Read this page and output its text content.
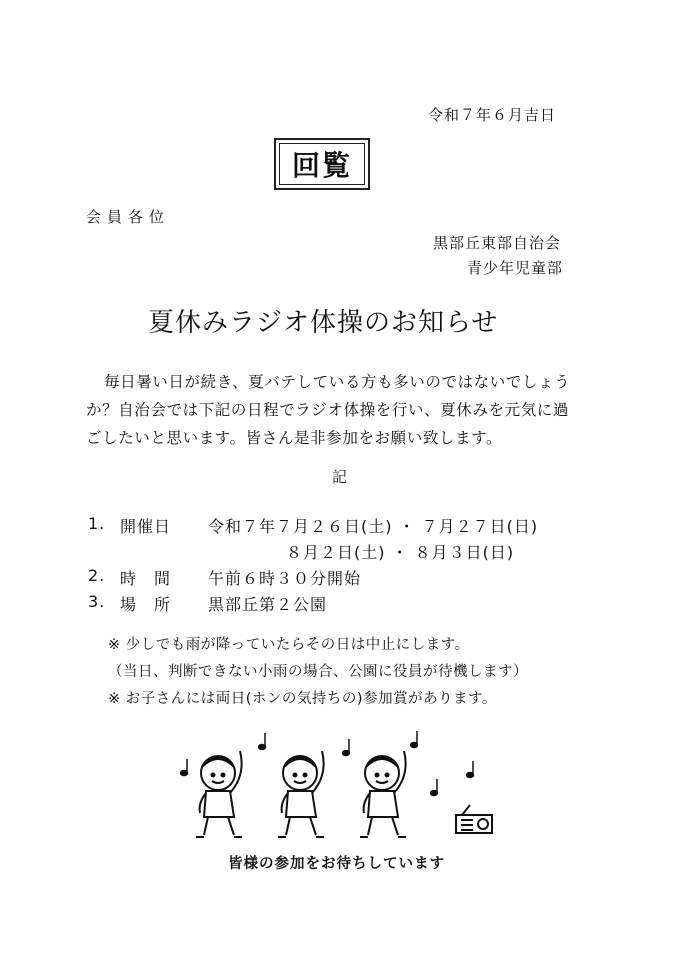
令和７年６月吉日
回覧
会員各位
黒部丘東部自治会
青少年児童部
夏休みラジオ体操のお知らせ
毎日暑い日が続き、夏バテしている方も多いのではないでしょう
か？自治会では下記の日程でラジオ体操を行い、夏休みを元気に過
ごしたいと思います。皆さん是非参加をお願い致します。
記
1. 開催日 令和７年７月２６日(土) ・ ７月２７日(日)
８月２日(土) ・ ８月３日(日)
2. 時　間 午前６時３０分開始
3. 場　所 黒部丘第２公園
※ 少しでも雨が降っていたらその日は中止にします。
（当日、判断できない小雨の場合、公園に役員が待機します）
※ お子さんには両日(ホンの気持ちの)参加賞があります。
皆様の参加をお待ちしています
